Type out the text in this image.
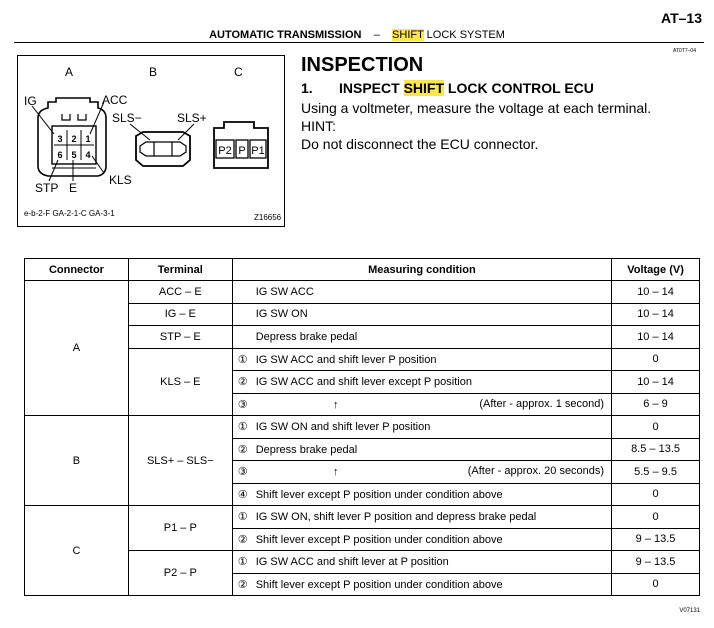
AT–13
AUTOMATIC TRANSMISSION – SHIFT LOCK SYSTEM
AT0T7–04
A	B	C
IG	ACC
SLS−	SLS+
KLS
STP E
3 2 1
6 5 4	P2 P P1
e-b-2-F GA-2-1-C GA-3-1	Z16656
INSPECTION
1. INSPECT SHIFT LOCK CONTROL ECU

Using a voltmeter, measure the voltage at each terminal.

HINT:

Do not disconnect the ECU connector.

Connector	Terminal	Measuring condition	Voltage (V)
A	ACC – E	IG SW ACC	10 – 14
	IG – E	IG SW ON	10 – 14
	STP – E	Depress brake pedal	10 – 14
	KLS – E	① IG SW ACC and shift lever P position	0
		② IG SW ACC and shift lever except P position	10 – 14
		③ ↑ (After - approx. 1 second)	6 – 9
B	SLS+ – SLS−	① IG SW ON and shift lever P position	0
		② Depress brake pedal	8.5 – 13.5
		③ ↑ (After - approx. 20 seconds)	5.5 – 9.5
		④ Shift lever except P position under condition above	0
C	P1 – P	① IG SW ON, shift lever P position and depress brake pedal	0
		② Shift lever except P position under condition above	9 – 13.5
	P2 – P	① IG SW ACC and shift lever at P position	9 – 13.5
		② Shift lever except P position under condition above	0
V07131
